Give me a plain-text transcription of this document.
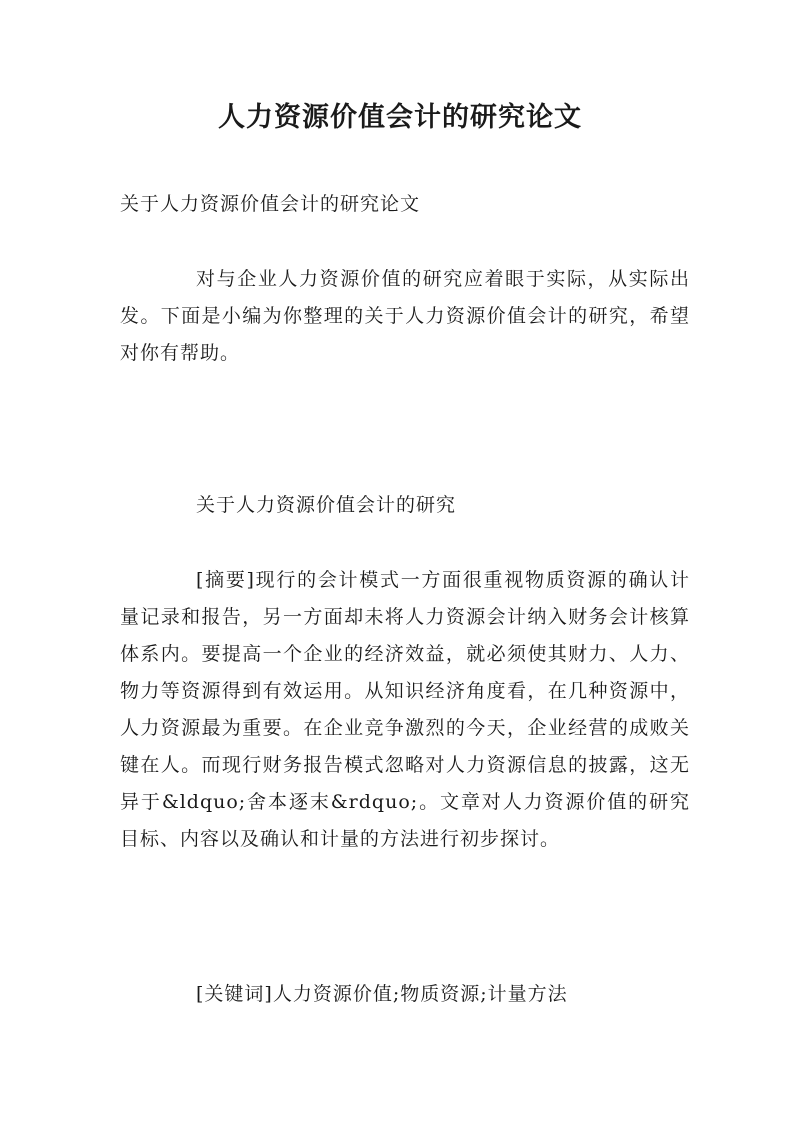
人力资源价值会计的研究论文

关于人力资源价值会计的研究论文

对与企业人力资源价值的研究应着眼于实际，从实际出发。下面是小编为你整理的关于人力资源价值会计的研究，希望对你有帮助。

关于人力资源价值会计的研究

[摘要]现行的会计模式一方面很重视物质资源的确认计量记录和报告，另一方面却未将人力资源会计纳入财务会计核算体系内。要提高一个企业的经济效益，就必须使其财力、人力、物力等资源得到有效运用。从知识经济角度看，在几种资源中，人力资源最为重要。在企业竞争激烈的今天，企业经营的成败关键在人。而现行财务报告模式忽略对人力资源信息的披露，这无异于&ldquo;舍本逐末&rdquo;。文章对人力资源价值的研究目标、内容以及确认和计量的方法进行初步探讨。

[关键词]人力资源价值;物质资源;计量方法
